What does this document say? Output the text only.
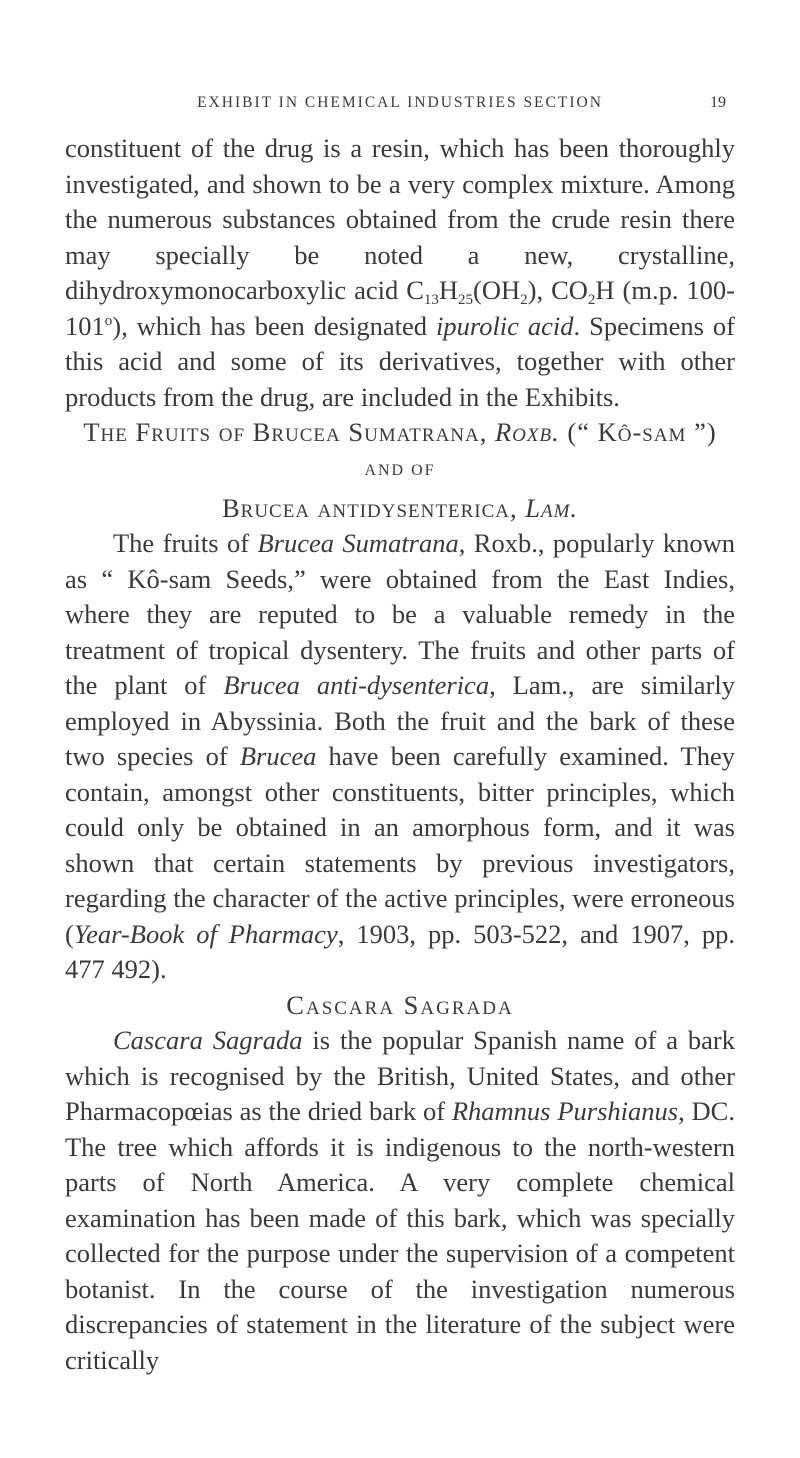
EXHIBIT IN CHEMICAL INDUSTRIES SECTION	19

constituent of the drug is a resin, which has been thoroughly investigated, and shown to be a very complex mixture. Among the numerous substances obtained from the crude resin there may specially be noted a new, crystalline, dihydroxymonocarboxylic acid $C_{13}H_{25}(OH_2)$, $CO_2H$ (m.p. 100-101$^o$), which has been designated ipurolic acid. Specimens of this acid and some of its derivatives, together with other products from the drug, are included in the Exhibits.

The Fruits of Brucea Sumatrana, Roxb. (“ Kô-sam ”)

AND OF

Brucea antidysenterica, Lam.

The fruits of Brucea Sumatrana, Roxb., popularly known as “ Kô-sam Seeds,” were obtained from the East Indies, where they are reputed to be a valuable remedy in the treatment of tropical dysentery. The fruits and other parts of the plant of Brucea anti-dysenterica, Lam., are similarly employed in Abyssinia. Both the fruit and the bark of these two species of Brucea have been carefully examined. They contain, amongst other constituents, bitter principles, which could only be obtained in an amorphous form, and it was shown that certain statements by previous investigators, regarding the character of the active principles, were erroneous (Year-Book of Pharmacy, 1903, pp. 503-522, and 1907, pp. 477 492).

Cascara Sagrada

Cascara Sagrada is the popular Spanish name of a bark which is recognised by the British, United States, and other Pharmacopœias as the dried bark of Rhamnus Purshianus, DC. The tree which affords it is indigenous to the north-western parts of North America. A very complete chemical examination has been made of this bark, which was specially collected for the purpose under the supervision of a competent botanist. In the course of the investigation numerous discrepancies of statement in the literature of the subject were critically
